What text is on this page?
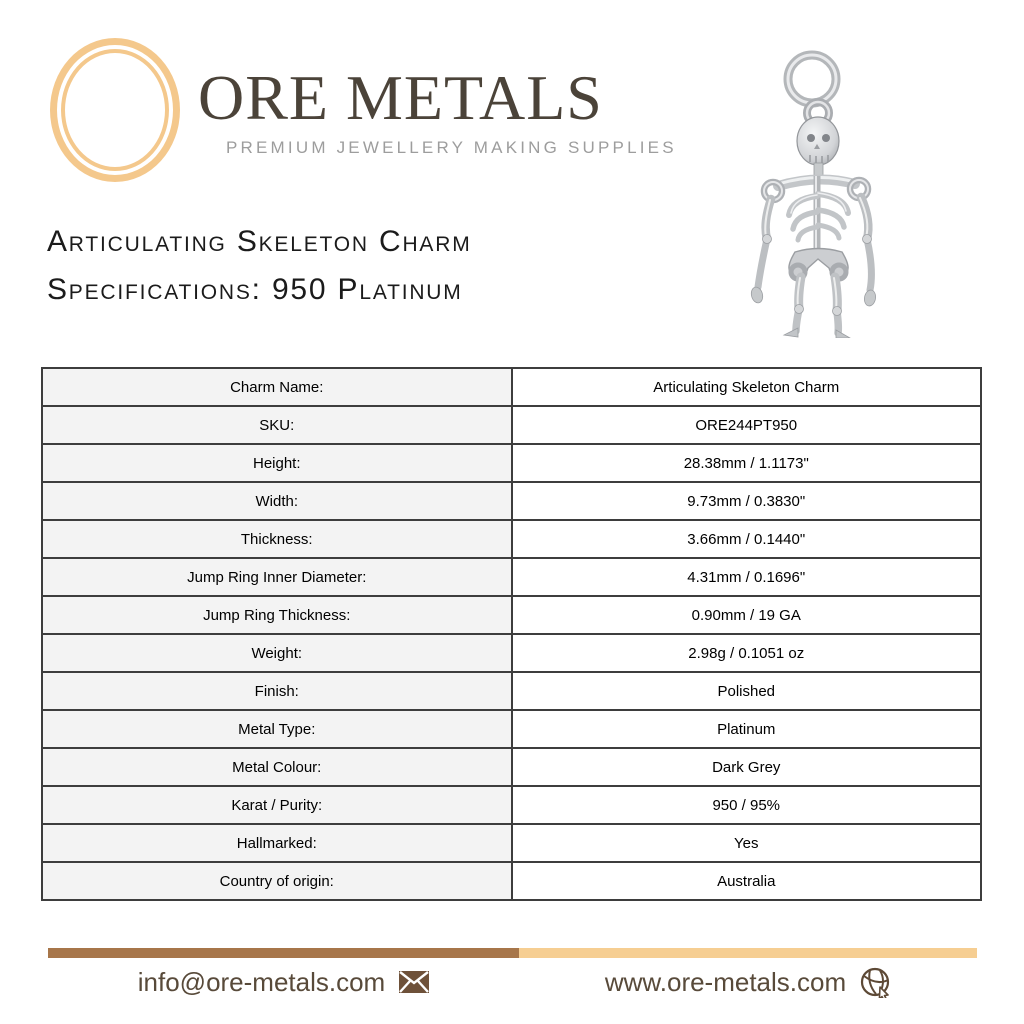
ORE METALS
PREMIUM JEWELLERY MAKING SUPPLIES
Articulating Skeleton Charm
Specifications: 950 Platinum
Charm Name:	Articulating Skeleton Charm
SKU:	ORE244PT950
Height:	28.38mm / 1.1173"
Width:	9.73mm / 0.3830"
Thickness:	3.66mm / 0.1440"
Jump Ring Inner Diameter:	4.31mm / 0.1696"
Jump Ring Thickness:	0.90mm / 19 GA
Weight:	2.98g / 0.1051 oz
Finish:	Polished
Metal Type:	Platinum
Metal Colour:	Dark Grey
Karat / Purity:	950 / 95%
Hallmarked:	Yes
Country of origin:	Australia
info@ore-metals.com	www.ore-metals.com
